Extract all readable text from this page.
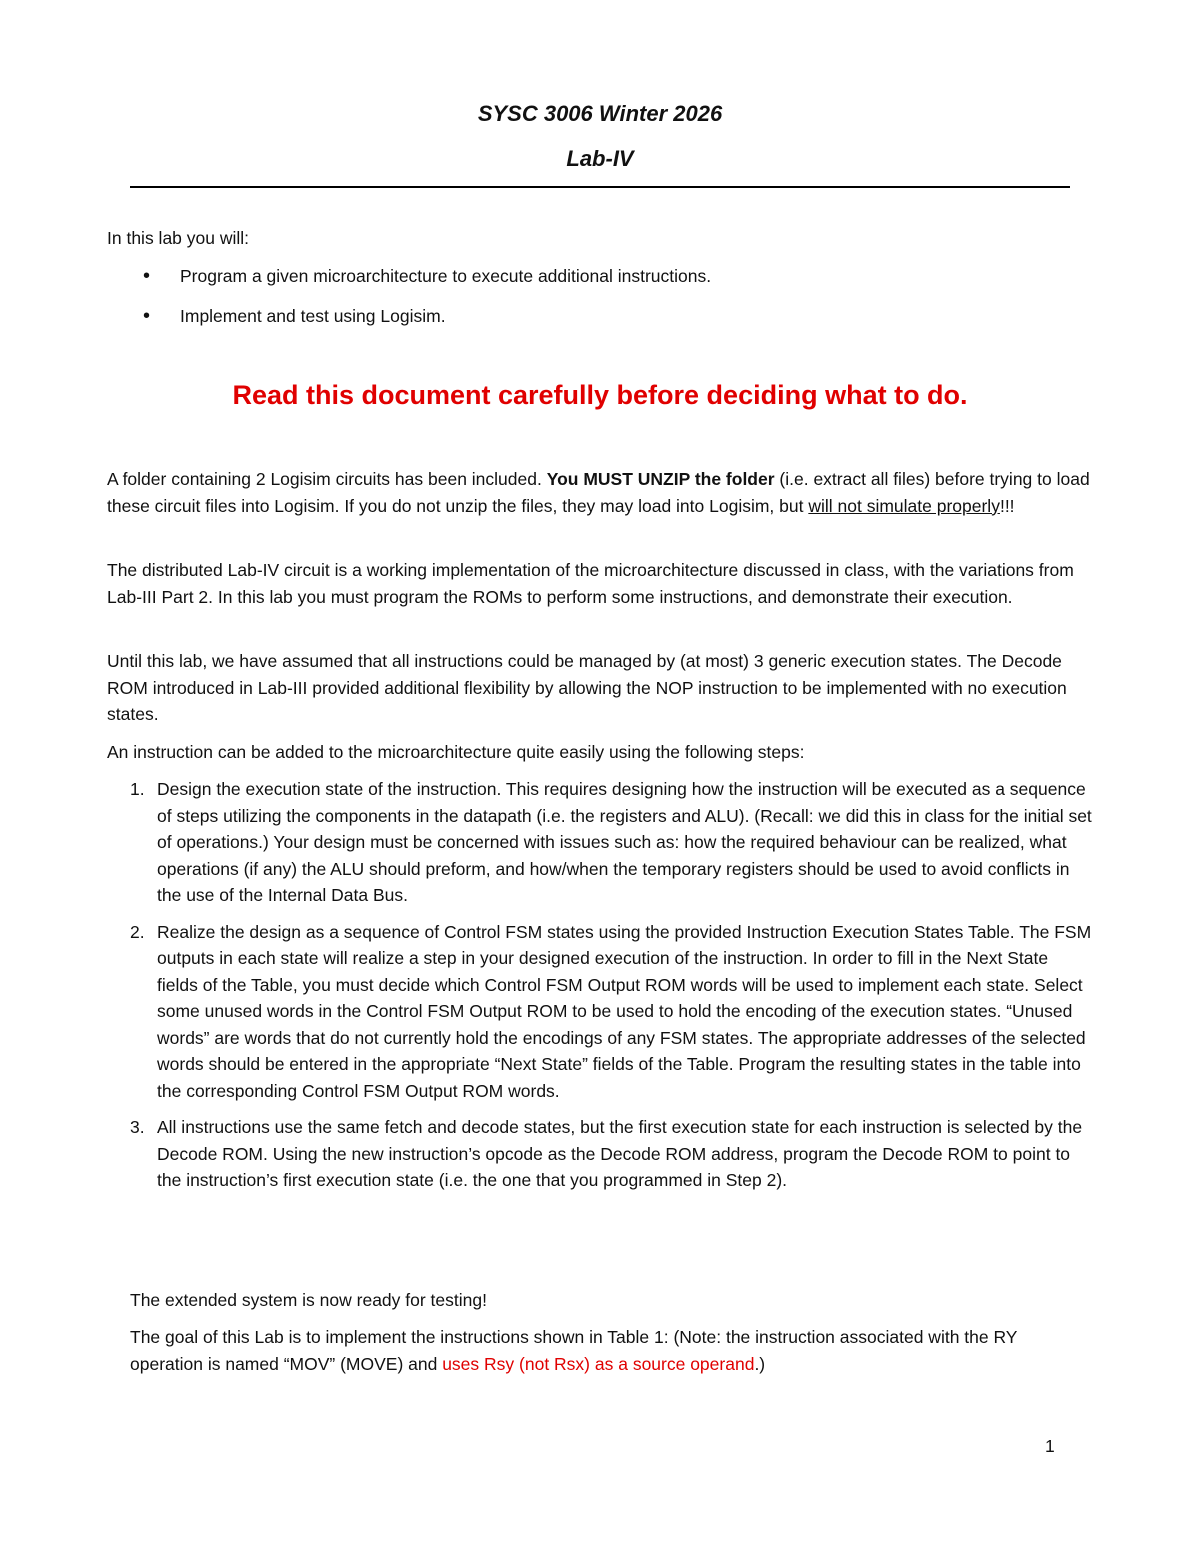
SYSC 3006 Winter 2026
Lab-IV

In this lab you will:

• Program a given microarchitecture to execute additional instructions.
• Implement and test using Logisim.
Read this document carefully before deciding what to do.

A folder containing 2 Logisim circuits has been included. You MUST UNZIP the folder (i.e. extract all files) before trying to load these circuit files into Logisim. If you do not unzip the files, they may load into Logisim, but will not simulate properly!!!

The distributed Lab-IV circuit is a working implementation of the microarchitecture discussed in class, with the variations from Lab-III Part 2. In this lab you must program the ROMs to perform some instructions, and demonstrate their execution.

Until this lab, we have assumed that all instructions could be managed by (at most) 3 generic execution states. The Decode ROM introduced in Lab-III provided additional flexibility by allowing the NOP instruction to be implemented with no execution states.

An instruction can be added to the microarchitecture quite easily using the following steps:

1. Design the execution state of the instruction. This requires designing how the instruction will be executed as a sequence of steps utilizing the components in the datapath (i.e. the registers and ALU). (Recall: we did this in class for the initial set of operations.) Your design must be concerned with issues such as: how the required behaviour can be realized, what operations (if any) the ALU should preform, and how/when the temporary registers should be used to avoid conflicts in the use of the Internal Data Bus.
2. Realize the design as a sequence of Control FSM states using the provided Instruction Execution States Table. The FSM outputs in each state will realize a step in your designed execution of the instruction. In order to fill in the Next State fields of the Table, you must decide which Control FSM Output ROM words will be used to implement each state. Select some unused words in the Control FSM Output ROM to be used to hold the encoding of the execution states. “Unused words” are words that do not currently hold the encodings of any FSM states. The appropriate addresses of the selected words should be entered in the appropriate “Next State” fields of the Table. Program the resulting states in the table into the corresponding Control FSM Output ROM words.
3. All instructions use the same fetch and decode states, but the first execution state for each instruction is selected by the Decode ROM. Using the new instruction’s opcode as the Decode ROM address, program the Decode ROM to point to the instruction’s first execution state (i.e. the one that you programmed in Step 2).

The extended system is now ready for testing!

The goal of this Lab is to implement the instructions shown in Table 1: (Note: the instruction associated with the RY operation is named “MOV” (MOVE) and uses Rsy (not Rsx) as a source operand.)

1
